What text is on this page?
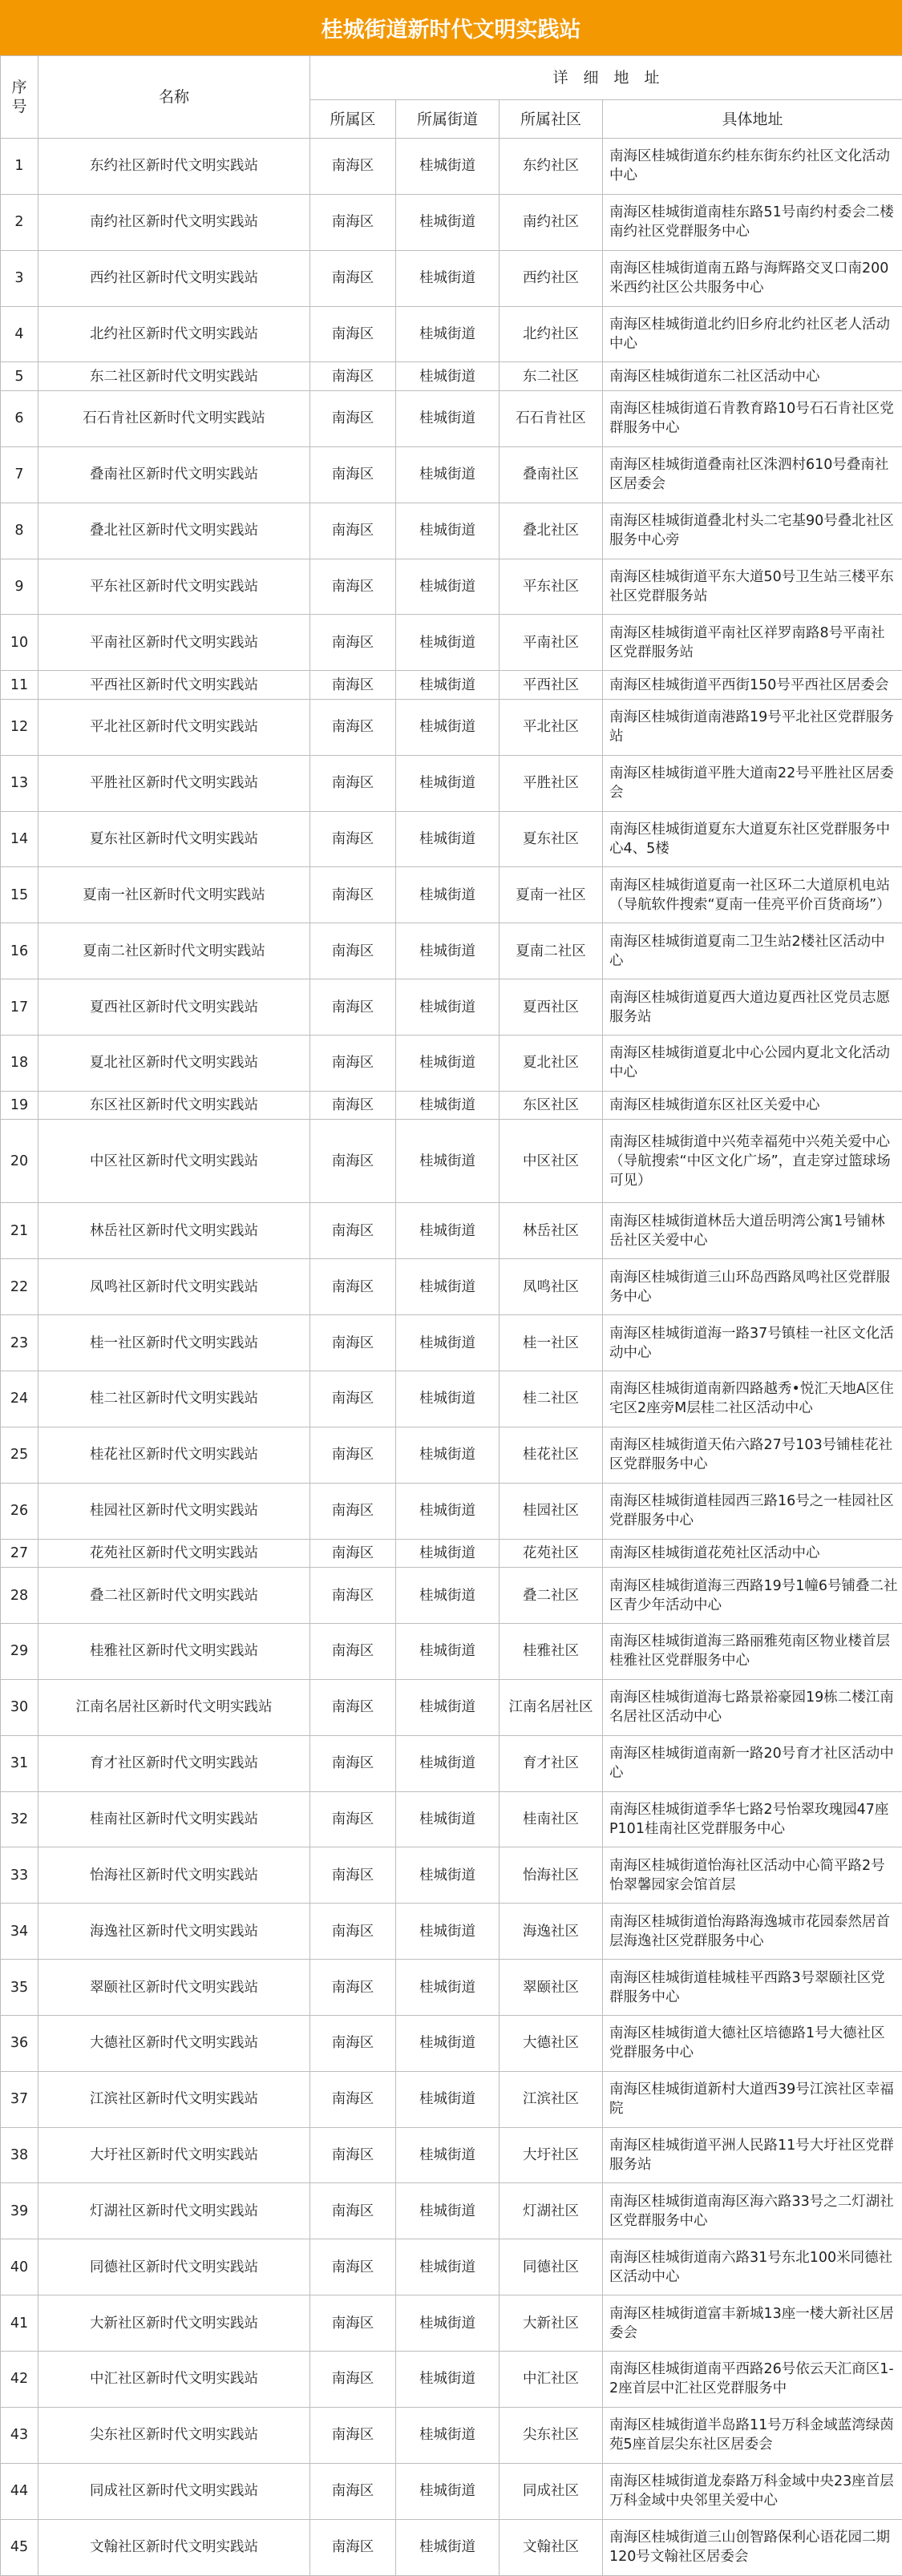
桂城街道新时代文明实践站
序号	名称	详　细　地　址			
		所属区	所属街道	所属社区	具体地址
1	东约社区新时代文明实践站	南海区	桂城街道	东约社区	南海区桂城街道东约桂东街东约社区文化活动中心
2	南约社区新时代文明实践站	南海区	桂城街道	南约社区	南海区桂城街道南桂东路51号南约村委会二楼南约社区党群服务中心
3	西约社区新时代文明实践站	南海区	桂城街道	西约社区	南海区桂城街道南五路与海辉路交叉口南200米西约社区公共服务中心
4	北约社区新时代文明实践站	南海区	桂城街道	北约社区	南海区桂城街道北约旧乡府北约社区老人活动中心
5	东二社区新时代文明实践站	南海区	桂城街道	东二社区	南海区桂城街道东二社区活动中心
6	石石肯社区新时代文明实践站	南海区	桂城街道	石石肯社区	南海区桂城街道石肯教育路10号石石肯社区党群服务中心
7	叠南社区新时代文明实践站	南海区	桂城街道	叠南社区	南海区桂城街道叠南社区洙泗村610号叠南社区居委会
8	叠北社区新时代文明实践站	南海区	桂城街道	叠北社区	南海区桂城街道叠北村头二宅基90号叠北社区服务中心旁
9	平东社区新时代文明实践站	南海区	桂城街道	平东社区	南海区桂城街道平东大道50号卫生站三楼平东社区党群服务站
10	平南社区新时代文明实践站	南海区	桂城街道	平南社区	南海区桂城街道平南社区祥罗南路8号平南社区党群服务站
11	平西社区新时代文明实践站	南海区	桂城街道	平西社区	南海区桂城街道平西街150号平西社区居委会
12	平北社区新时代文明实践站	南海区	桂城街道	平北社区	南海区桂城街道南港路19号平北社区党群服务站
13	平胜社区新时代文明实践站	南海区	桂城街道	平胜社区	南海区桂城街道平胜大道南22号平胜社区居委会
14	夏东社区新时代文明实践站	南海区	桂城街道	夏东社区	南海区桂城街道夏东大道夏东社区党群服务中心4、5楼
15	夏南一社区新时代文明实践站	南海区	桂城街道	夏南一社区	南海区桂城街道夏南一社区环二大道原机电站（导航软件搜索“夏南一佳亮平价百货商场”）
16	夏南二社区新时代文明实践站	南海区	桂城街道	夏南二社区	南海区桂城街道夏南二卫生站2楼社区活动中心
17	夏西社区新时代文明实践站	南海区	桂城街道	夏西社区	南海区桂城街道夏西大道边夏西社区党员志愿服务站
18	夏北社区新时代文明实践站	南海区	桂城街道	夏北社区	南海区桂城街道夏北中心公园内夏北文化活动中心
19	东区社区新时代文明实践站	南海区	桂城街道	东区社区	南海区桂城街道东区社区关爱中心
20	中区社区新时代文明实践站	南海区	桂城街道	中区社区	南海区桂城街道中兴苑幸福苑中兴苑关爱中心（导航搜索“中区文化广场”，直走穿过篮球场可见）
21	林岳社区新时代文明实践站	南海区	桂城街道	林岳社区	南海区桂城街道林岳大道岳明湾公寓1号铺林岳社区关爱中心
22	凤鸣社区新时代文明实践站	南海区	桂城街道	凤鸣社区	南海区桂城街道三山环岛西路凤鸣社区党群服务中心
23	桂一社区新时代文明实践站	南海区	桂城街道	桂一社区	南海区桂城街道海一路37号镇桂一社区文化活动中心
24	桂二社区新时代文明实践站	南海区	桂城街道	桂二社区	南海区桂城街道南新四路越秀•悦汇天地A区住宅区2座旁M层桂二社区活动中心
25	桂花社区新时代文明实践站	南海区	桂城街道	桂花社区	南海区桂城街道天佑六路27号103号铺桂花社区党群服务中心
26	桂园社区新时代文明实践站	南海区	桂城街道	桂园社区	南海区桂城街道桂园西三路16号之一桂园社区党群服务中心
27	花苑社区新时代文明实践站	南海区	桂城街道	花苑社区	南海区桂城街道花苑社区活动中心
28	叠二社区新时代文明实践站	南海区	桂城街道	叠二社区	南海区桂城街道海三西路19号1幢6号铺叠二社区青少年活动中心
29	桂雅社区新时代文明实践站	南海区	桂城街道	桂雅社区	南海区桂城街道海三路丽雅苑南区物业楼首层桂雅社区党群服务中心
30	江南名居社区新时代文明实践站	南海区	桂城街道	江南名居社区	南海区桂城街道海七路景裕豪园19栋二楼江南名居社区活动中心
31	育才社区新时代文明实践站	南海区	桂城街道	育才社区	南海区桂城街道南新一路20号育才社区活动中心
32	桂南社区新时代文明实践站	南海区	桂城街道	桂南社区	南海区桂城街道季华七路2号怡翠玫瑰园47座P101桂南社区党群服务中心
33	怡海社区新时代文明实践站	南海区	桂城街道	怡海社区	南海区桂城街道怡海社区活动中心简平路2号怡翠馨园家会馆首层
34	海逸社区新时代文明实践站	南海区	桂城街道	海逸社区	南海区桂城街道怡海路海逸城市花园泰然居首层海逸社区党群服务中心
35	翠颐社区新时代文明实践站	南海区	桂城街道	翠颐社区	南海区桂城街道桂城桂平西路3号翠颐社区党群服务中心
36	大德社区新时代文明实践站	南海区	桂城街道	大德社区	南海区桂城街道大德社区培德路1号大德社区党群服务中心
37	江滨社区新时代文明实践站	南海区	桂城街道	江滨社区	南海区桂城街道新村大道西39号江滨社区幸福院
38	大圩社区新时代文明实践站	南海区	桂城街道	大圩社区	南海区桂城街道平洲人民路11号大圩社区党群服务站
39	灯湖社区新时代文明实践站	南海区	桂城街道	灯湖社区	南海区桂城街道南海区海六路33号之二灯湖社区党群服务中心
40	同德社区新时代文明实践站	南海区	桂城街道	同德社区	南海区桂城街道南六路31号东北100米同德社区活动中心
41	大新社区新时代文明实践站	南海区	桂城街道	大新社区	南海区桂城街道富丰新城13座一楼大新社区居委会
42	中汇社区新时代文明实践站	南海区	桂城街道	中汇社区	南海区桂城街道南平西路26号依云天汇商区1-2座首层中汇社区党群服务中
43	尖东社区新时代文明实践站	南海区	桂城街道	尖东社区	南海区桂城街道半岛路11号万科金域蓝湾绿茵苑5座首层尖东社区居委会
44	同成社区新时代文明实践站	南海区	桂城街道	同成社区	南海区桂城街道龙泰路万科金域中央23座首层万科金域中央邻里关爱中心
45	文翰社区新时代文明实践站	南海区	桂城街道	文翰社区	南海区桂城街道三山创智路保利心语花园二期120号文翰社区居委会
